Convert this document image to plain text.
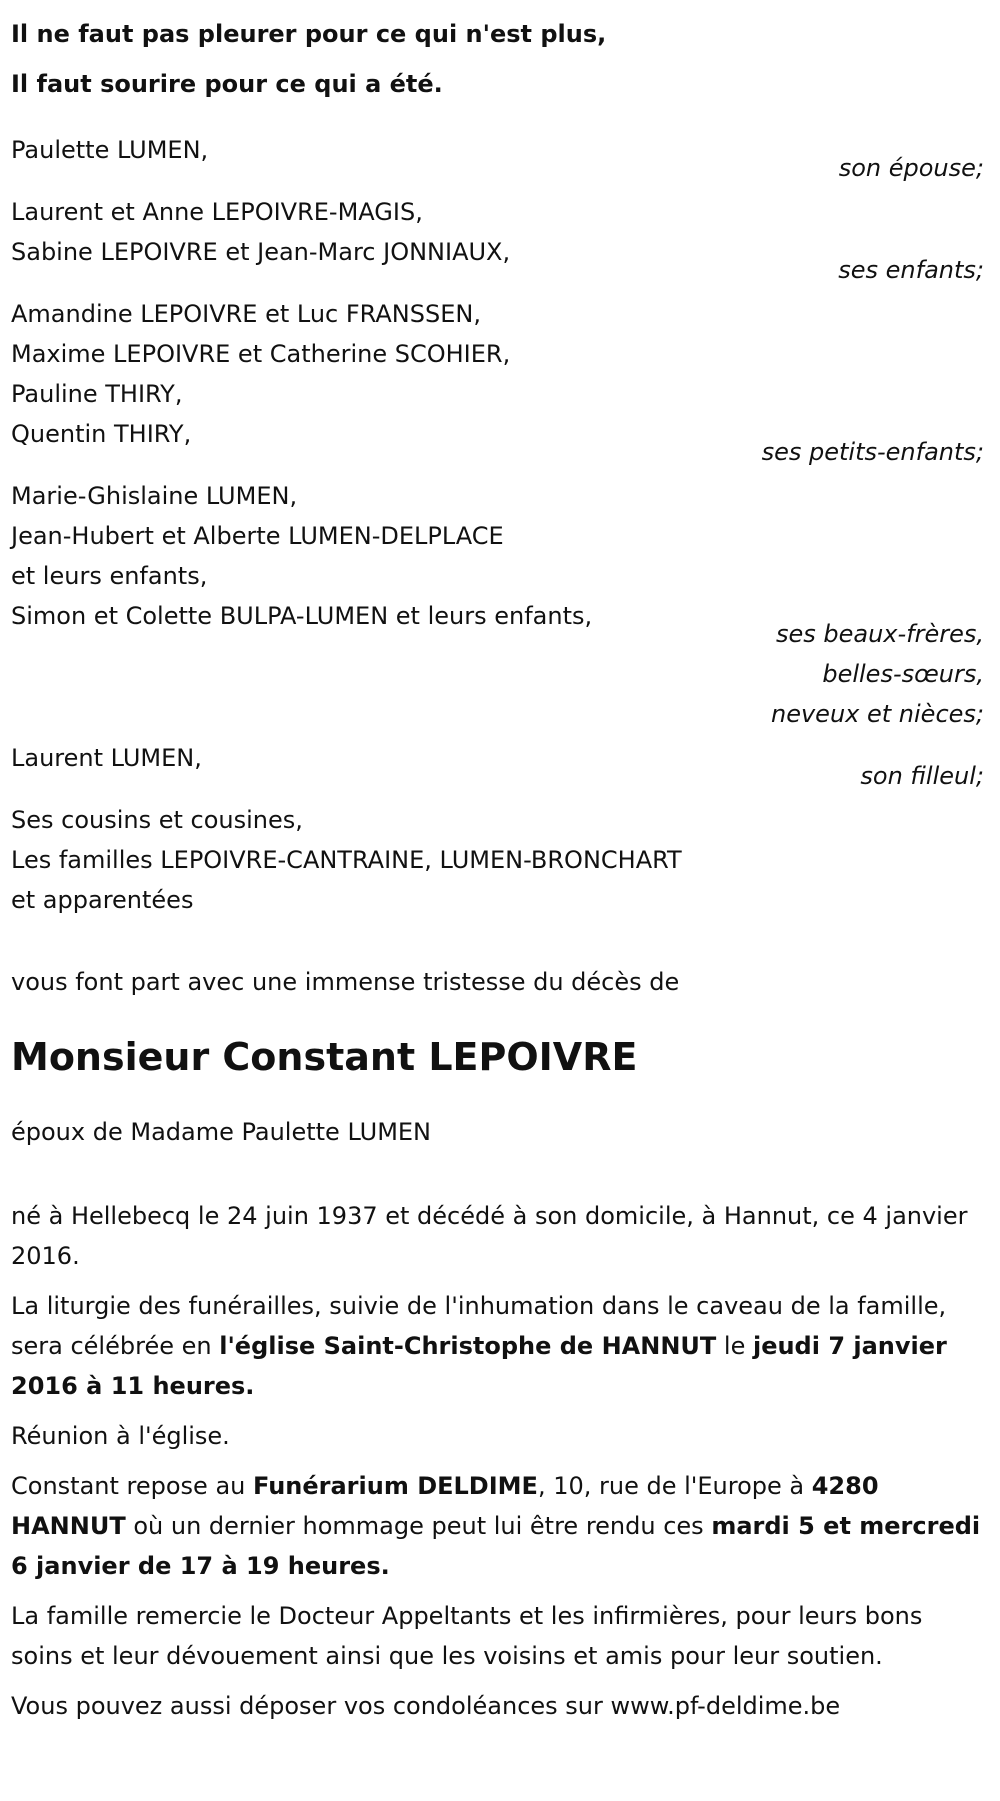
Il ne faut pas pleurer pour ce qui n'est plus,
Il faut sourire pour ce qui a été.
Paulette LUMEN,
son épouse;
Laurent et Anne LEPOIVRE-MAGIS,
Sabine LEPOIVRE et Jean-Marc JONNIAUX,
ses enfants;
Amandine LEPOIVRE et Luc FRANSSEN,
Maxime LEPOIVRE et Catherine SCOHIER,
Pauline THIRY,
Quentin THIRY,
ses petits-enfants;
Marie-Ghislaine LUMEN,
Jean-Hubert et Alberte LUMEN-DELPLACE
et leurs enfants,
Simon et Colette BULPA-LUMEN et leurs enfants,
ses beaux-frères,
belles-sœurs,
neveux et nièces;
Laurent LUMEN,
son filleul;
Ses cousins et cousines,
Les familles LEPOIVRE-CANTRAINE, LUMEN-BRONCHART
et apparentées
vous font part avec une immense tristesse du décès de
Monsieur Constant LEPOIVRE
époux de Madame Paulette LUMEN
né à Hellebecq le 24 juin 1937 et décédé à son domicile, à Hannut, ce 4 janvier 2016.
La liturgie des funérailles, suivie de l'inhumation dans le caveau de la famille, sera célébrée en l'église Saint-Christophe de HANNUT le jeudi 7 janvier 2016 à 11 heures.
Réunion à l'église.
Constant repose au Funérarium DELDIME, 10, rue de l'Europe à 4280 HANNUT où un dernier hommage peut lui être rendu ces mardi 5 et mercredi 6 janvier de 17 à 19 heures.
La famille remercie le Docteur Appeltants et les infirmières, pour leurs bons soins et leur dévouement ainsi que les voisins et amis pour leur soutien.
Vous pouvez aussi déposer vos condoléances sur www.pf-deldime.be
